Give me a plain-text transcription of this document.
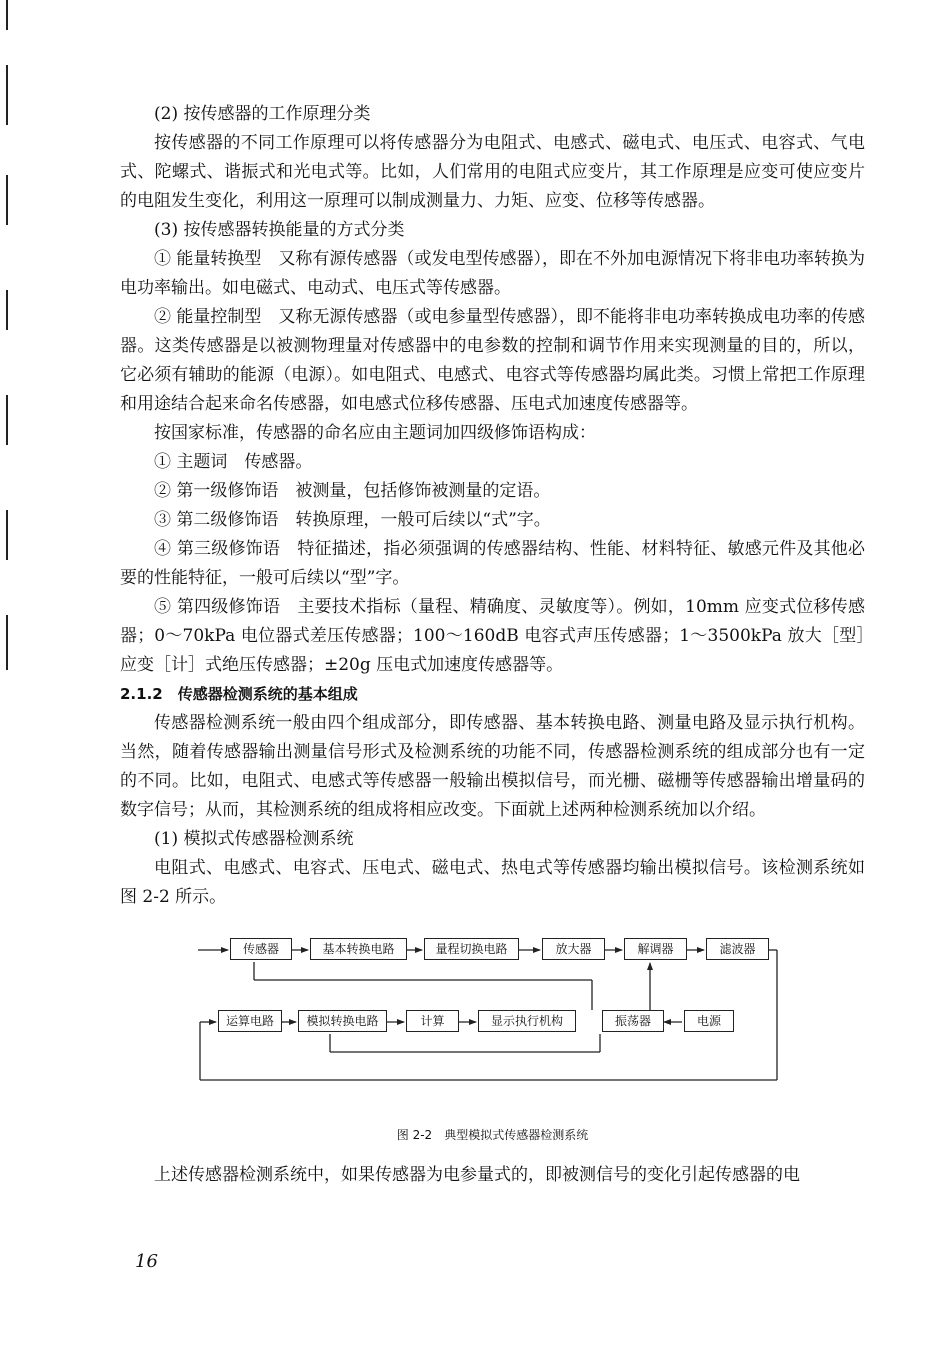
(2) 按传感器的工作原理分类

按传感器的不同工作原理可以将传感器分为电阻式、电感式、磁电式、电压式、电容式、气电式、陀螺式、谐振式和光电式等。比如，人们常用的电阻式应变片，其工作原理是应变可使应变片的电阻发生变化，利用这一原理可以制成测量力、力矩、应变、位移等传感器。

(3) 按传感器转换能量的方式分类

① 能量转换型　又称有源传感器（或发电型传感器），即在不外加电源情况下将非电功率转换为电功率输出。如电磁式、电动式、电压式等传感器。

② 能量控制型　又称无源传感器（或电参量型传感器），即不能将非电功率转换成电功率的传感器。这类传感器是以被测物理量对传感器中的电参数的控制和调节作用来实现测量的目的，所以，它必须有辅助的能源（电源）。如电阻式、电感式、电容式等传感器均属此类。习惯上常把工作原理和用途结合起来命名传感器，如电感式位移传感器、压电式加速度传感器等。

按国家标准，传感器的命名应由主题词加四级修饰语构成：

① 主题词　传感器。

② 第一级修饰语　被测量，包括修饰被测量的定语。

③ 第二级修饰语　转换原理，一般可后续以“式”字。

④ 第三级修饰语　特征描述，指必须强调的传感器结构、性能、材料特征、敏感元件及其他必要的性能特征，一般可后续以“型”字。

⑤ 第四级修饰语　主要技术指标（量程、精确度、灵敏度等）。例如，10mm 应变式位移传感器；0～70kPa 电位器式差压传感器；100～160dB 电容式声压传感器；1～3500kPa 放大［型］应变［计］式绝压传感器；±20g 压电式加速度传感器等。

2.1.2　传感器检测系统的基本组成

传感器检测系统一般由四个组成部分，即传感器、基本转换电路、测量电路及显示执行机构。当然，随着传感器输出测量信号形式及检测系统的功能不同，传感器检测系统的组成部分也有一定的不同。比如，电阻式、电感式等传感器一般输出模拟信号，而光栅、磁栅等传感器输出增量码的数字信号；从而，其检测系统的组成将相应改变。下面就上述两种检测系统加以介绍。

(1) 模拟式传感器检测系统

电阻式、电感式、电容式、压电式、磁电式、热电式等传感器均输出模拟信号。该检测系统如图 2-2 所示。

传感器	基本转换电路	量程切换电路	放大器	解调器	滤波器
运算电路	模拟转换电路	计算	显示执行机构	振荡器	电源
图 2-2　典型模拟式传感器检测系统

上述传感器检测系统中，如果传感器为电参量式的，即被测信号的变化引起传感器的电

16
